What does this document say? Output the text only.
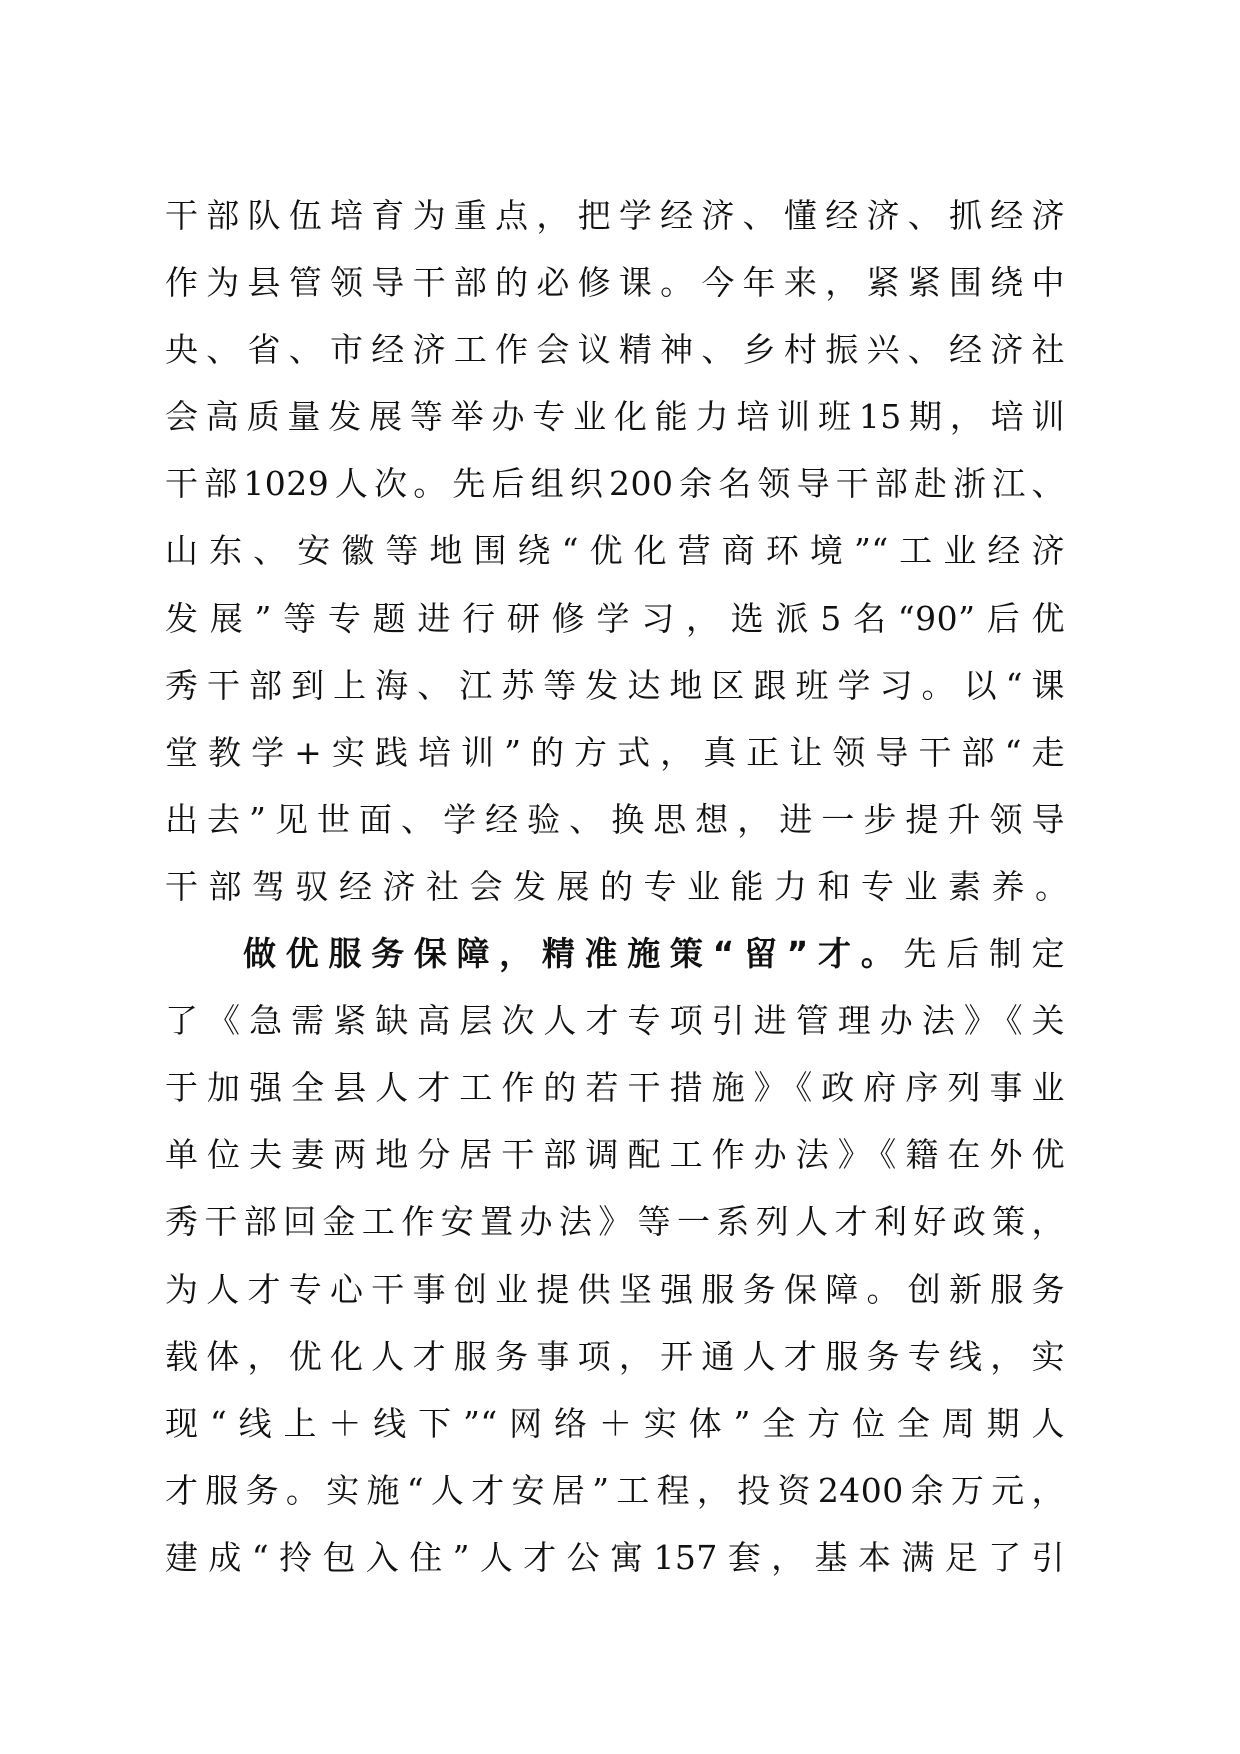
干部队伍培育为重点，把学经济、懂经济、抓经济
作为县管领导干部的必修课。今年来，紧紧围绕中
央、省、市经济工作会议精神、乡村振兴、经济社
会高质量发展等举办专业化能力培训班15期，培训
干部1029人次。先后组织200余名领导干部赴浙江、
山东、安徽等地围绕“优化营商环境”“工业经济
发展”等专题进行研修学习，选派5名“90”后优
秀干部到上海、江苏等发达地区跟班学习。以“课
堂教学+实践培训”的方式，真正让领导干部“走
出去”见世面、学经验、换思想，进一步提升领导
干部驾驭经济社会发展的专业能力和专业素养。
做优服务保障，精准施策“留”才。先后制定
了《急需紧缺高层次人才专项引进管理办法》《关
于加强全县人才工作的若干措施》《政府序列事业
单位夫妻两地分居干部调配工作办法》《籍在外优
秀干部回金工作安置办法》等一系列人才利好政策，
为人才专心干事创业提供坚强服务保障。创新服务
载体，优化人才服务事项，开通人才服务专线，实
现“线上＋线下”“网络＋实体”全方位全周期人
才服务。实施“人才安居”工程，投资2400余万元，
建成“拎包入住”人才公寓157套，基本满足了引
